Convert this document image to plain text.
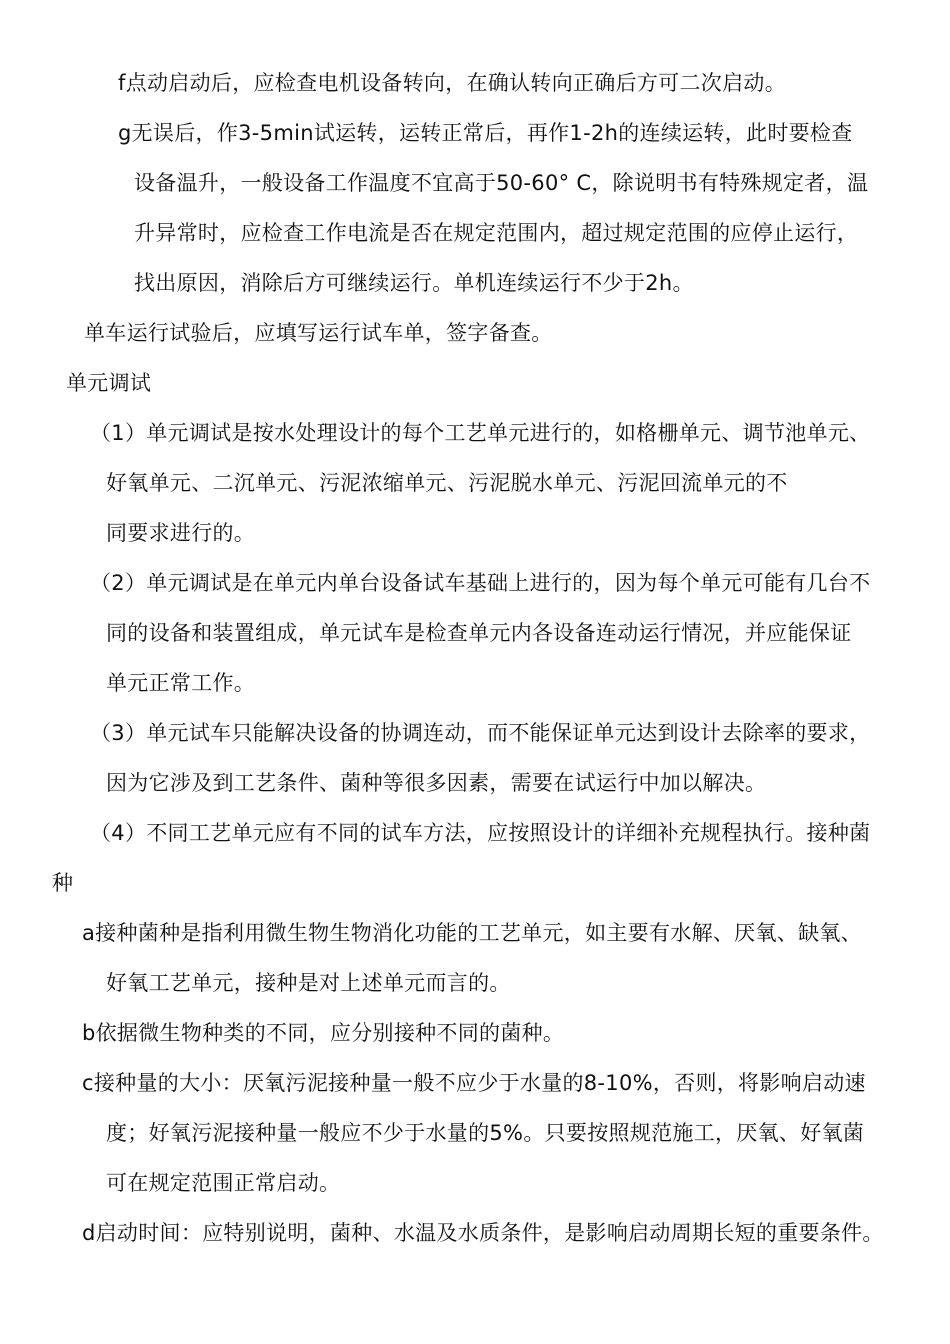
f点动启动后，应检查电机设备转向，在确认转向正确后方可二次启动。
g无误后，作3-5min试运转，运转正常后，再作1-2h的连续运转，此时要检查
设备温升，一般设备工作温度不宜高于50-60° C，除说明书有特殊规定者，温
升异常时，应检查工作电流是否在规定范围内，超过规定范围的应停止运行，
找出原因，消除后方可继续运行。单机连续运行不少于2h。
单车运行试验后，应填写运行试车单，签字备查。
单元调试
（1）单元调试是按水处理设计的每个工艺单元进行的，如格栅单元、调节池单元、
好氧单元、二沉单元、污泥浓缩单元、污泥脱水单元、污泥回流单元的不
同要求进行的。
（2）单元调试是在单元内单台设备试车基础上进行的，因为每个单元可能有几台不
同的设备和装置组成，单元试车是检查单元内各设备连动运行情况，并应能保证
单元正常工作。
（3）单元试车只能解决设备的协调连动，而不能保证单元达到设计去除率的要求，
因为它涉及到工艺条件、菌种等很多因素，需要在试运行中加以解决。
（4）不同工艺单元应有不同的试车方法，应按照设计的详细补充规程执行。接种菌
种
a接种菌种是指利用微生物生物消化功能的工艺单元，如主要有水解、厌氧、缺氧、
好氧工艺单元，接种是对上述单元而言的。
b依据微生物种类的不同，应分别接种不同的菌种。
c接种量的大小：厌氧污泥接种量一般不应少于水量的8-10%，否则，将影响启动速
度；好氧污泥接种量一般应不少于水量的5%。只要按照规范施工，厌氧、好氧菌
可在规定范围正常启动。
d启动时间：应特别说明，菌种、水温及水质条件，是影响启动周期长短的重要条件。
